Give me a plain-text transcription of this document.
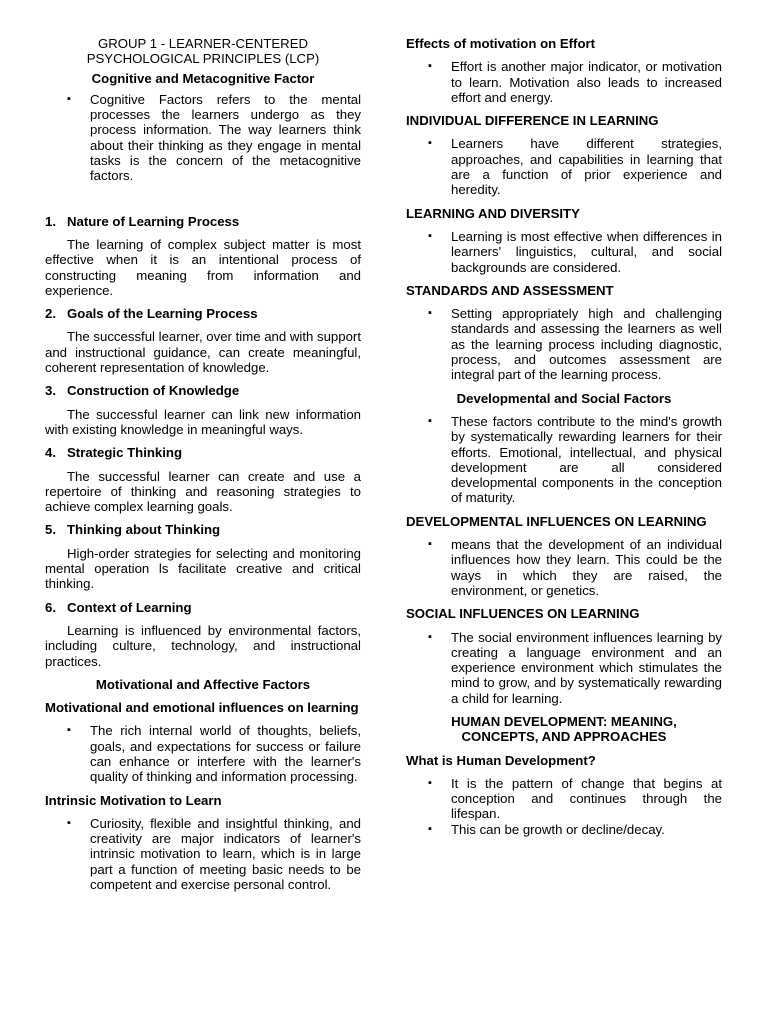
GROUP 1 - LEARNER-CENTERED PSYCHOLOGICAL PRINCIPLES (LCP)
Cognitive and Metacognitive Factor
▪ Cognitive Factors refers to the mental processes the learners undergo as they process information. The way learners think about their thinking as they engage in mental tasks is the concern of the metacognitive factors.
1. Nature of Learning Process
The learning of complex subject matter is most effective when it is an intentional process of constructing meaning from information and experience.
2. Goals of the Learning Process
The successful learner, over time and with support and instructional guidance, can create meaningful, coherent representation of knowledge.
3. Construction of Knowledge
The successful learner can link new information with existing knowledge in meaningful ways.
4. Strategic Thinking
The successful learner can create and use a repertoire of thinking and reasoning strategies to achieve complex learning goals.
5. Thinking about Thinking
High-order strategies for selecting and monitoring mental operation ls facilitate creative and critical thinking.
6. Context of Learning
Learning is influenced by environmental factors, including culture, technology, and instructional practices.
Motivational and Affective Factors
Motivational and emotional influences on learning
▪ The rich internal world of thoughts, beliefs, goals, and expectations for success or failure can enhance or interfere with the learner's quality of thinking and information processing.
Intrinsic Motivation to Learn
▪ Curiosity, flexible and insightful thinking, and creativity are major indicators of learner's intrinsic motivation to learn, which is in large part a function of meeting basic needs to be competent and exercise personal control.
Effects of motivation on Effort
▪ Effort is another major indicator, or motivation to learn. Motivation also leads to increased effort and energy.
INDIVIDUAL DIFFERENCE IN LEARNING
▪ Learners have different strategies, approaches, and capabilities in learning that are a function of prior experience and heredity.
LEARNING AND DIVERSITY
▪ Learning is most effective when differences in learners' linguistics, cultural, and social backgrounds are considered.
STANDARDS AND ASSESSMENT
▪ Setting appropriately high and challenging standards and assessing the learners as well as the learning process including diagnostic, process, and outcomes assessment are integral part of the learning process.
Developmental and Social Factors
▪ These factors contribute to the mind's growth by systematically rewarding learners for their efforts. Emotional, intellectual, and physical development are all considered developmental components in the conception of maturity.
DEVELOPMENTAL INFLUENCES ON LEARNING
▪ means that the development of an individual influences how they learn. This could be the ways in which they are raised, the environment, or genetics.
SOCIAL INFLUENCES ON LEARNING
▪ The social environment influences learning by creating a language environment and an experience environment which stimulates the mind to grow, and by systematically rewarding a child for learning.
HUMAN DEVELOPMENT: MEANING, CONCEPTS, AND APPROACHES
What is Human Development?
▪ It is the pattern of change that begins at conception and continues through the lifespan.
▪ This can be growth or decline/decay.
